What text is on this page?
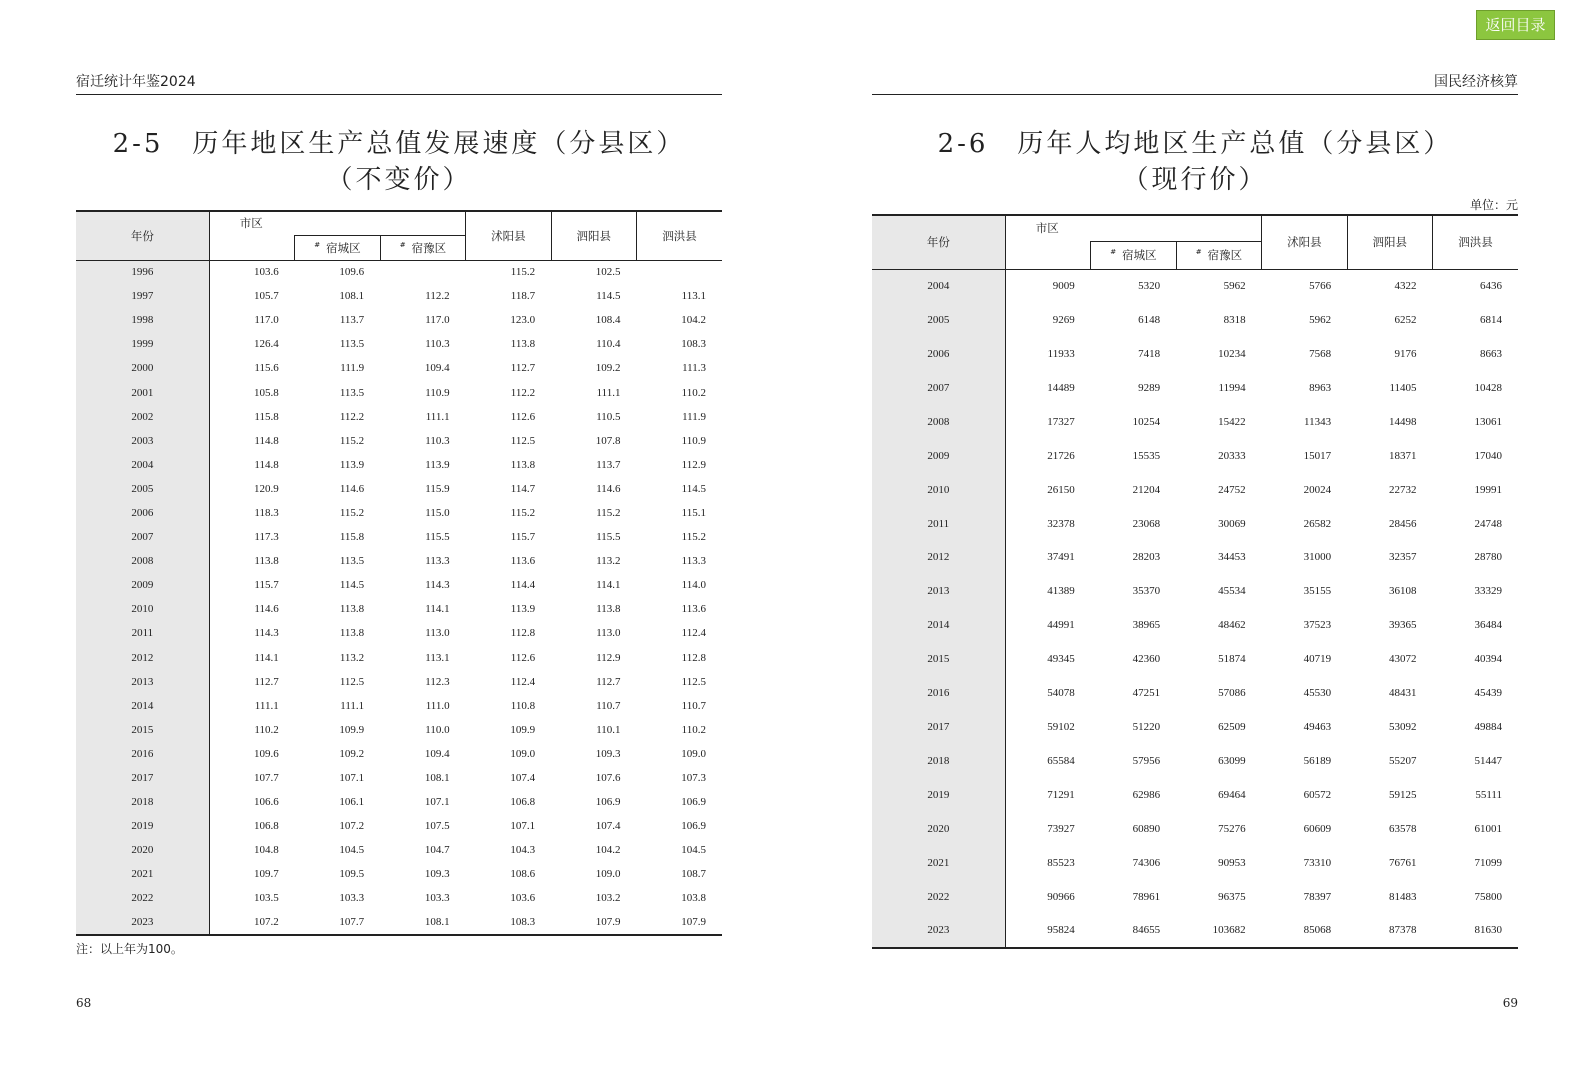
返回目录
宿迁统计年鉴2024
2-5　历年地区生产总值发展速度（分县区）
（不变价）
年份	市区			沭阳县	泗阳县	泗洪县
		# 宿城区	# 宿豫区			
1996	103.6	109.6		115.2	102.5	
1997	105.7	108.1	112.2	118.7	114.5	113.1
1998	117.0	113.7	117.0	123.0	108.4	104.2
1999	126.4	113.5	110.3	113.8	110.4	108.3
2000	115.6	111.9	109.4	112.7	109.2	111.3
2001	105.8	113.5	110.9	112.2	111.1	110.2
2002	115.8	112.2	111.1	112.6	110.5	111.9
2003	114.8	115.2	110.3	112.5	107.8	110.9
2004	114.8	113.9	113.9	113.8	113.7	112.9
2005	120.9	114.6	115.9	114.7	114.6	114.5
2006	118.3	115.2	115.0	115.2	115.2	115.1
2007	117.3	115.8	115.5	115.7	115.5	115.2
2008	113.8	113.5	113.3	113.6	113.2	113.3
2009	115.7	114.5	114.3	114.4	114.1	114.0
2010	114.6	113.8	114.1	113.9	113.8	113.6
2011	114.3	113.8	113.0	112.8	113.0	112.4
2012	114.1	113.2	113.1	112.6	112.9	112.8
2013	112.7	112.5	112.3	112.4	112.7	112.5
2014	111.1	111.1	111.0	110.8	110.7	110.7
2015	110.2	109.9	110.0	109.9	110.1	110.2
2016	109.6	109.2	109.4	109.0	109.3	109.0
2017	107.7	107.1	108.1	107.4	107.6	107.3
2018	106.6	106.1	107.1	106.8	106.9	106.9
2019	106.8	107.2	107.5	107.1	107.4	106.9
2020	104.8	104.5	104.7	104.3	104.2	104.5
2021	109.7	109.5	109.3	108.6	109.0	108.7
2022	103.5	103.3	103.3	103.6	103.2	103.8
2023	107.2	107.7	108.1	108.3	107.9	107.9
注：以上年为100。
68
国民经济核算
2-6　历年人均地区生产总值（分县区）
（现行价）
单位：元
年份	市区			沭阳县	泗阳县	泗洪县
		# 宿城区	# 宿豫区			
2004	9009	5320	5962	5766	4322	6436
2005	9269	6148	8318	5962	6252	6814
2006	11933	7418	10234	7568	9176	8663
2007	14489	9289	11994	8963	11405	10428
2008	17327	10254	15422	11343	14498	13061
2009	21726	15535	20333	15017	18371	17040
2010	26150	21204	24752	20024	22732	19991
2011	32378	23068	30069	26582	28456	24748
2012	37491	28203	34453	31000	32357	28780
2013	41389	35370	45534	35155	36108	33329
2014	44991	38965	48462	37523	39365	36484
2015	49345	42360	51874	40719	43072	40394
2016	54078	47251	57086	45530	48431	45439
2017	59102	51220	62509	49463	53092	49884
2018	65584	57956	63099	56189	55207	51447
2019	71291	62986	69464	60572	59125	55111
2020	73927	60890	75276	60609	63578	61001
2021	85523	74306	90953	73310	76761	71099
2022	90966	78961	96375	78397	81483	75800
2023	95824	84655	103682	85068	87378	81630
69
